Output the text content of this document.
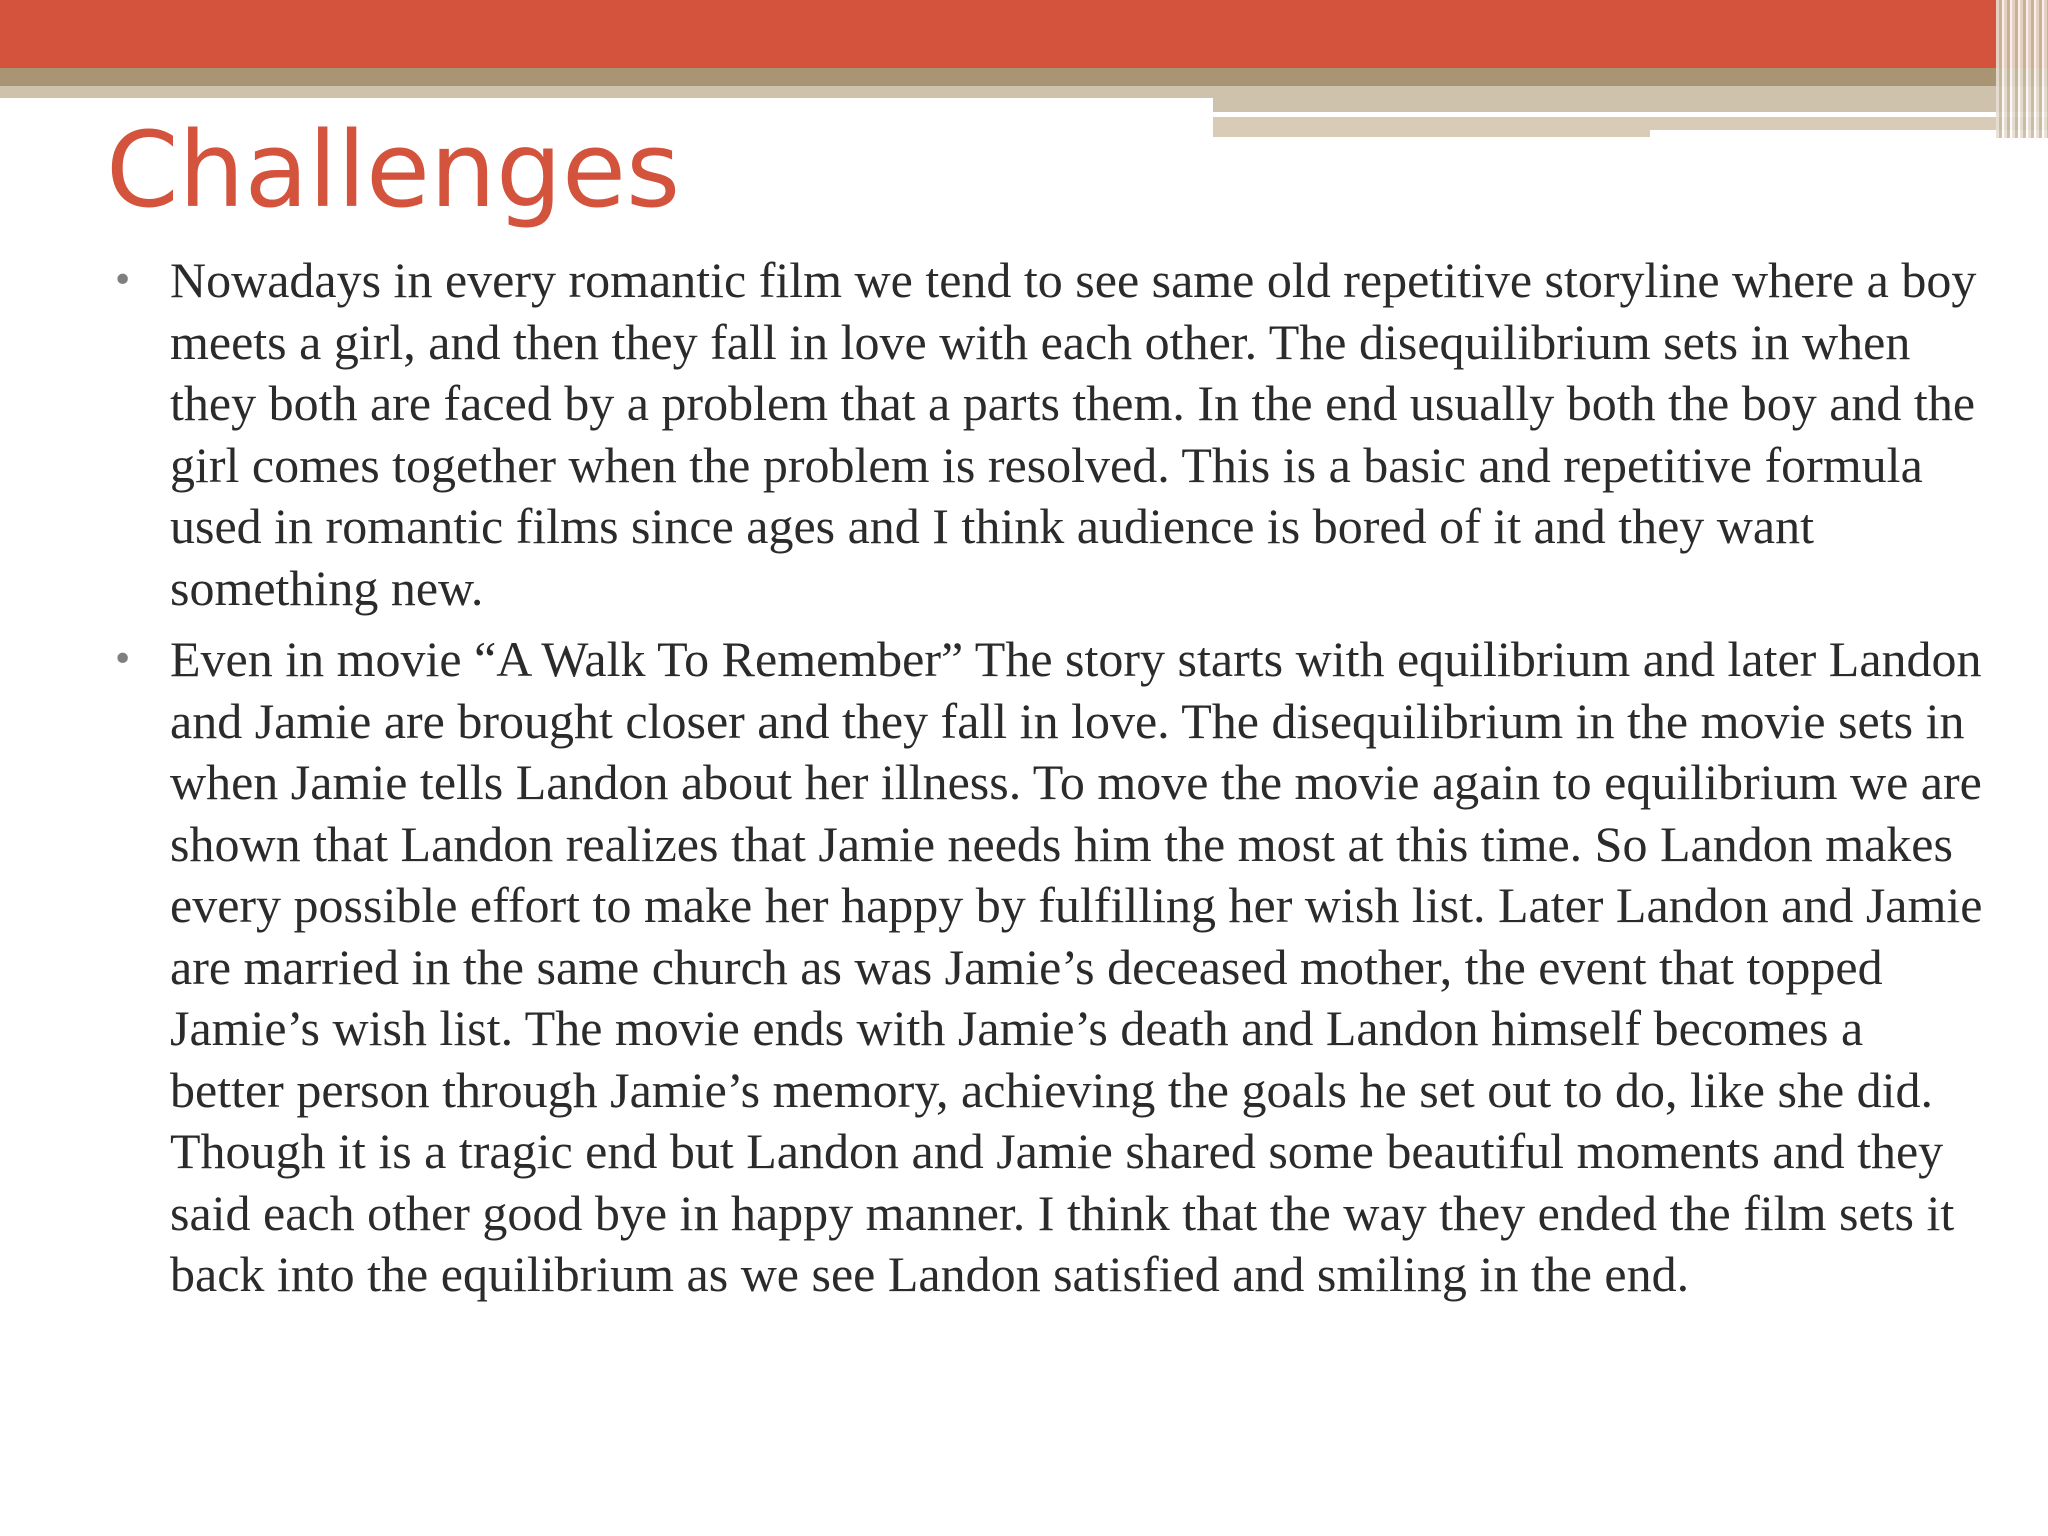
Challenges
• Nowadays in every romantic film we tend to see same old repetitive storyline where a boy meets a girl, and then they fall in love with each other. The disequilibrium sets in when they both are faced by a problem that a parts them. In the end usually both the boy and the girl comes together when the problem is resolved. This is a basic and repetitive formula used in romantic films since ages and I think audience is bored of it and they want something new.
• Even in movie “A Walk To Remember” The story starts with equilibrium and later Landon and Jamie are brought closer and they fall in love. The disequilibrium in the movie sets in when Jamie tells Landon about her illness. To move the movie again to equilibrium we are shown that Landon realizes that Jamie needs him the most at this time. So Landon makes every possible effort to make her happy by fulfilling her wish list. Later Landon and Jamie are married in the same church as was Jamie’s deceased mother, the event that topped Jamie’s wish list. The movie ends with Jamie’s death and Landon himself becomes a better person through Jamie’s memory, achieving the goals he set out to do, like she did. Though it is a tragic end but Landon and Jamie shared some beautiful moments and they said each other good bye in happy manner. I think that the way they ended the film sets it back into the equilibrium as we see Landon satisfied and smiling in the end.
